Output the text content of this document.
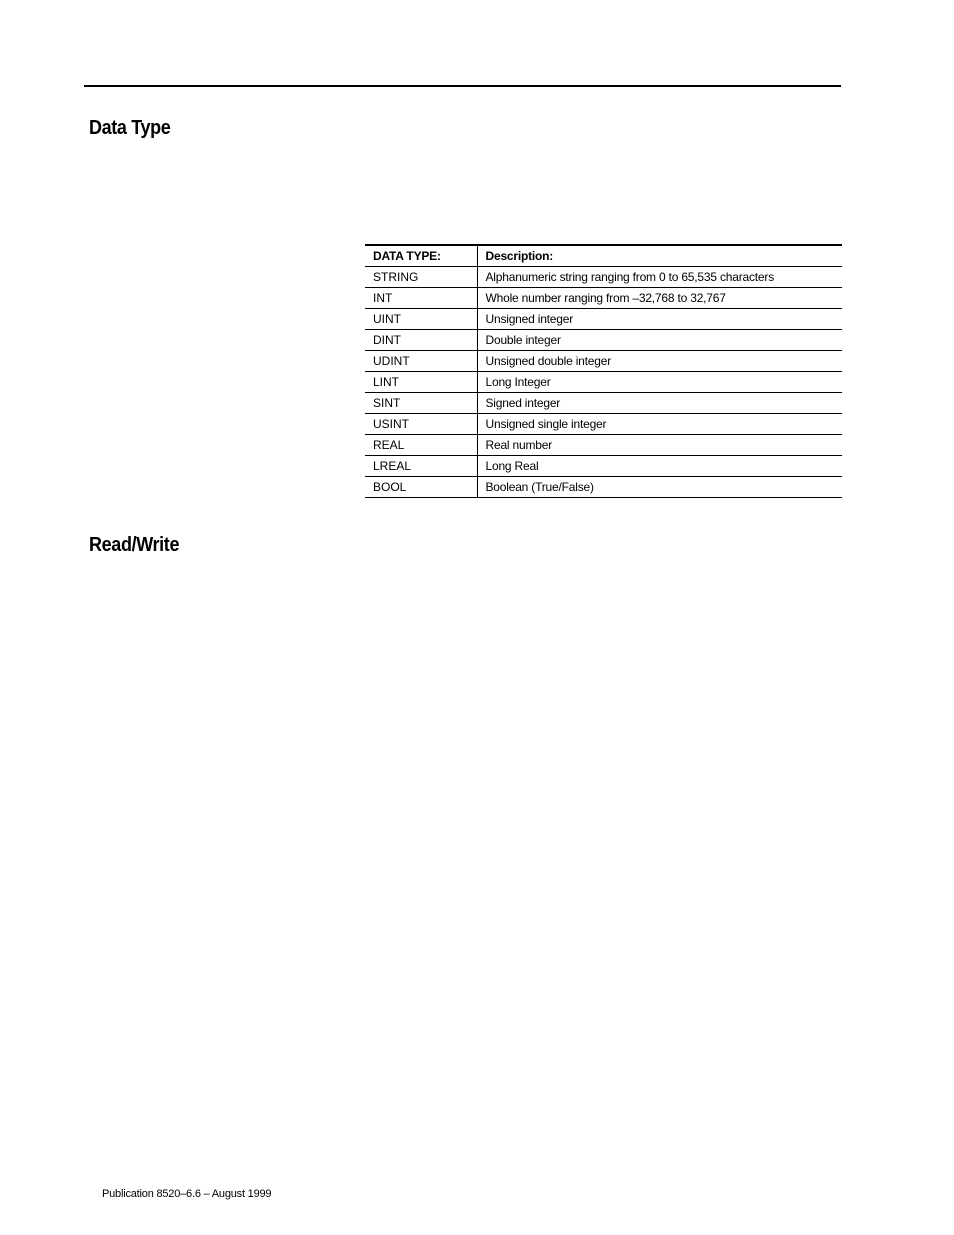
Data Type
DATA TYPE:	Description:
STRING	Alphanumeric string ranging from 0 to 65,535 characters
INT	Whole number ranging from –32,768 to 32,767
UINT	Unsigned integer
DINT	Double integer
UDINT	Unsigned double integer
LINT	Long Integer
SINT	Signed integer
USINT	Unsigned single integer
REAL	Real number
LREAL	Long Real
BOOL	Boolean (True/False)
Read/Write
Publication 8520–6.6 – August 1999
